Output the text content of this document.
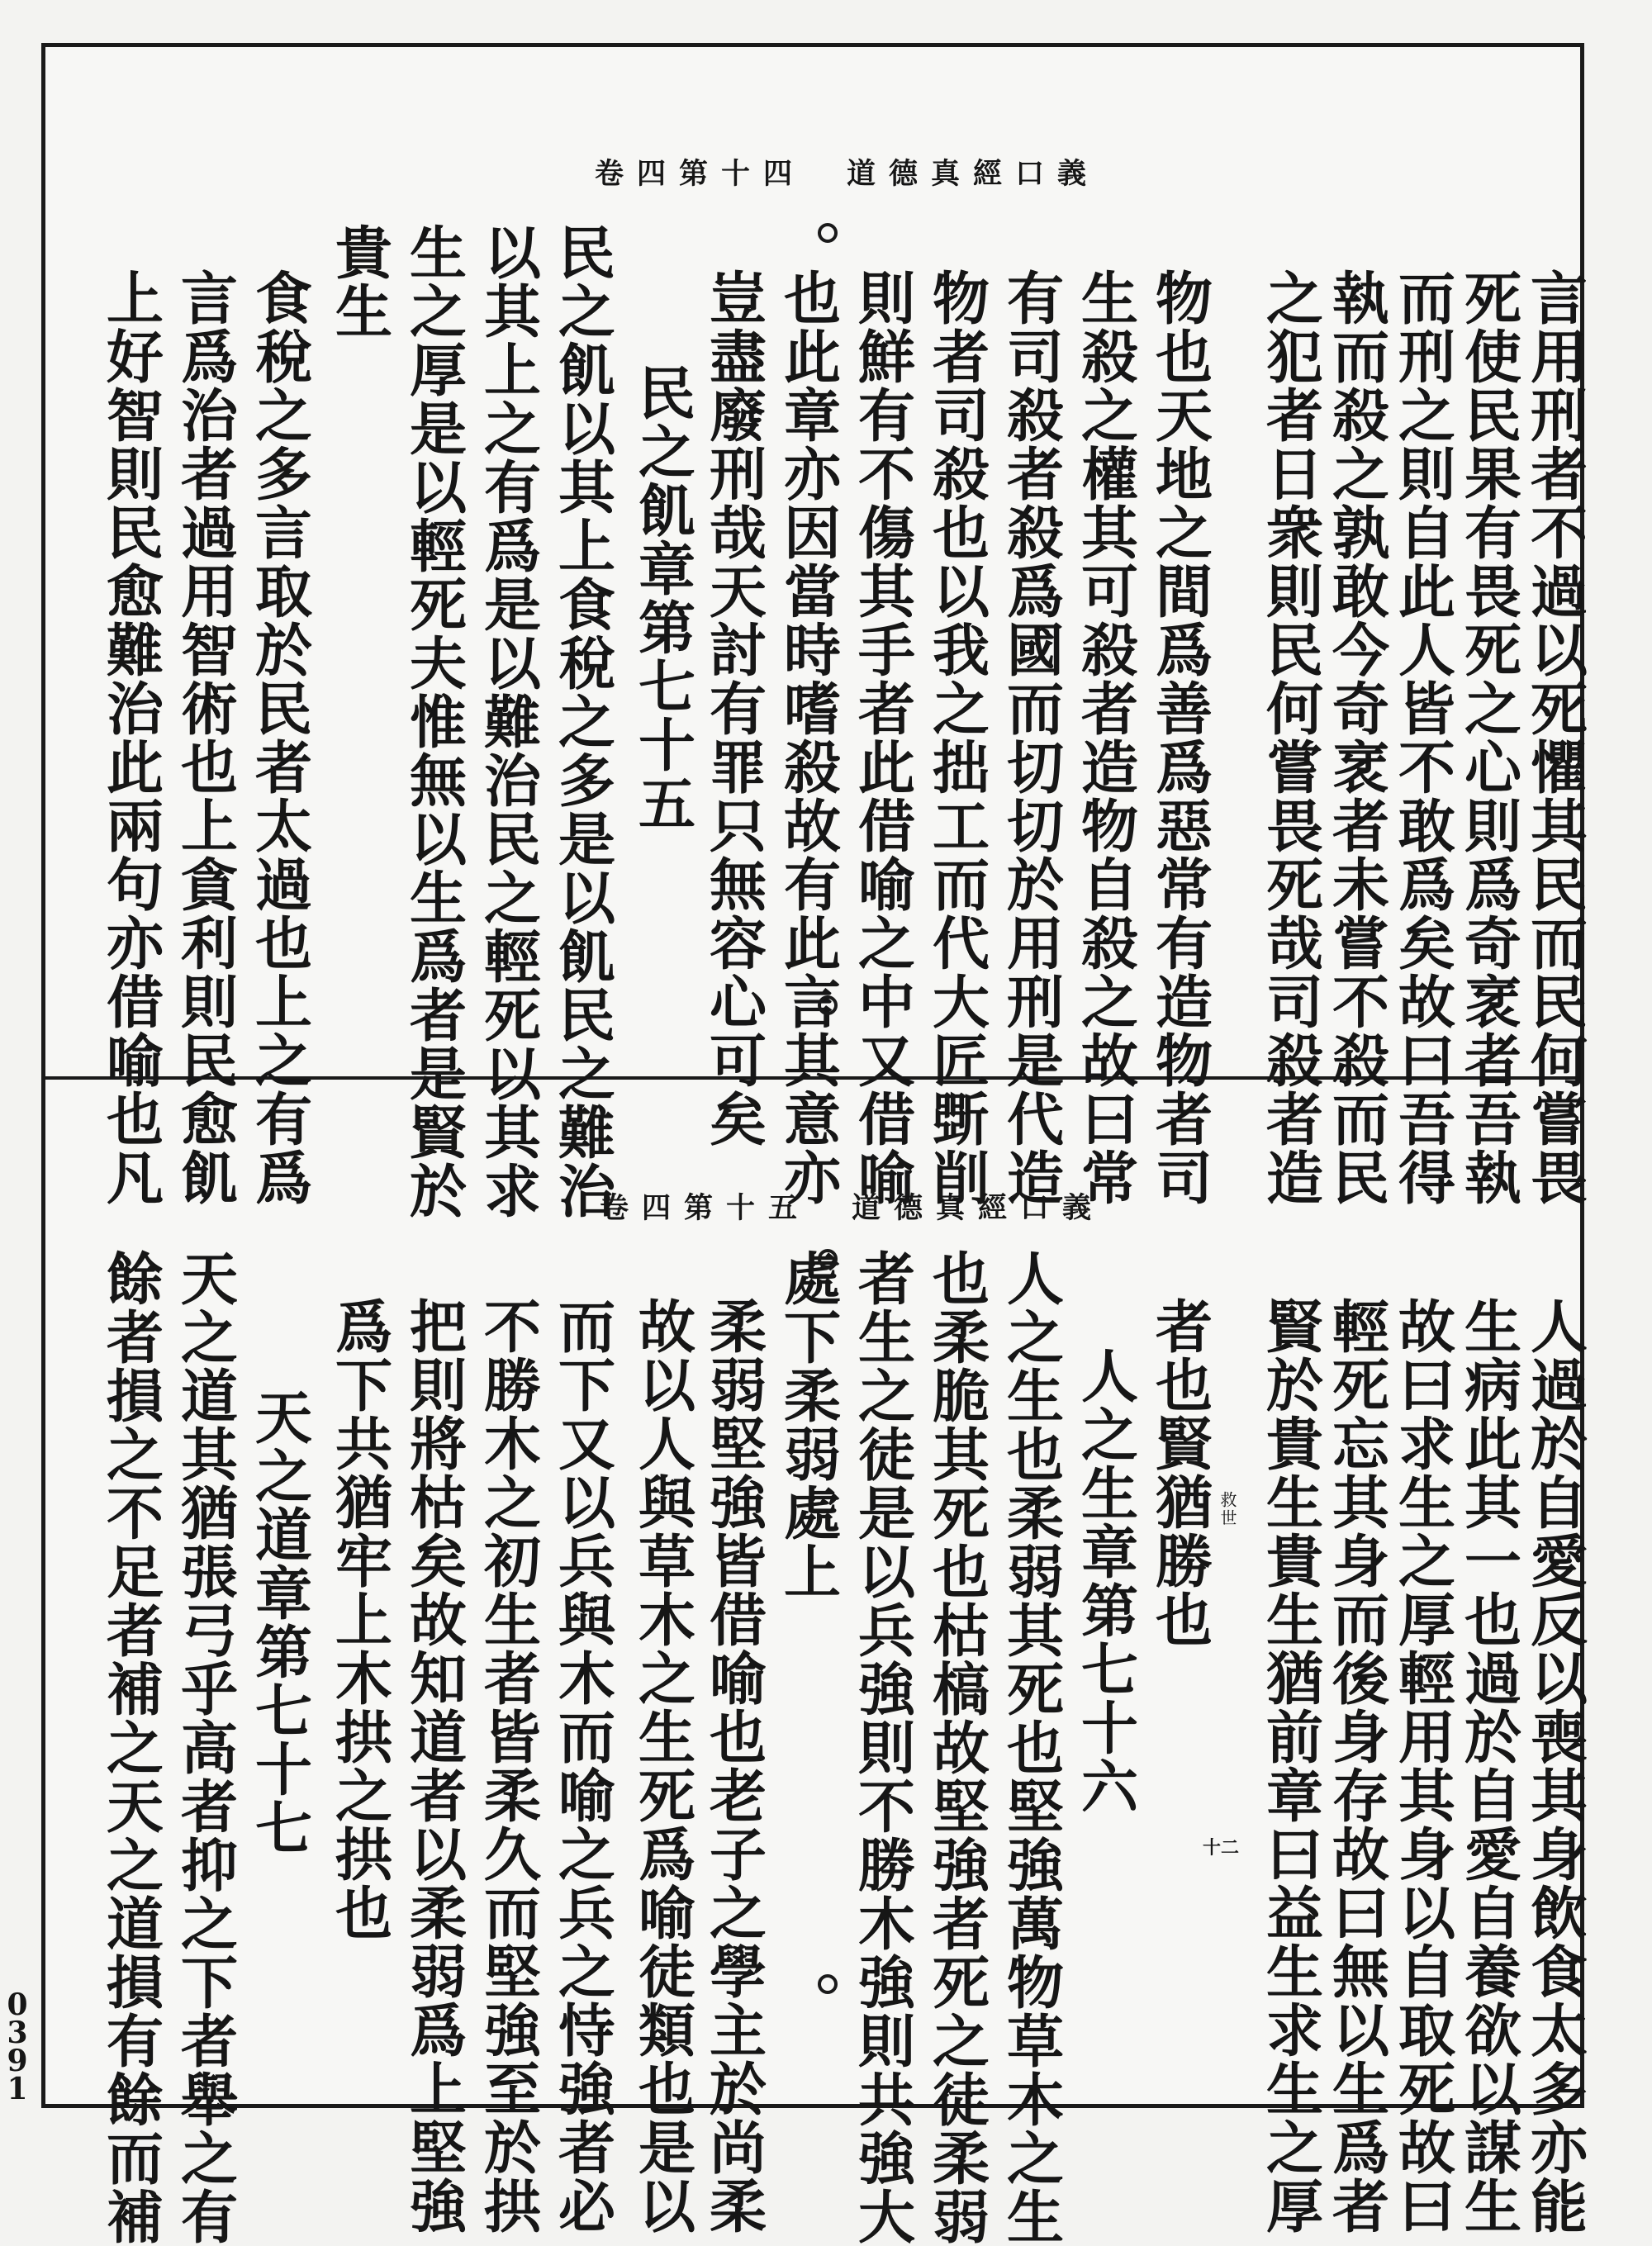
卷四第十四 道德真經口義

言用刑者不過以死懼其民而民何嘗畏

死使民果有畏死之心則爲奇衺者吾執

而刑之則自此人皆不敢爲矣故曰吾得

執而殺之孰敢今奇衺者未嘗不殺而民

之犯者日衆則民何嘗畏死哉司殺者造

物也天地之間爲善爲惡常有造物者司

生殺之權其可殺者造物自殺之故曰常

有司殺者殺爲國而切切於用刑是代造

物者司殺也以我之拙工而代大匠斲削

則鮮有不傷其手者此借喻之中又借喻

也此章亦因當時嗜殺故有此言其意亦

豈盡廢刑哉天討有罪只無容心可矣

民之飢章第七十五

民之飢以其上食稅之多是以飢民之難治

以其上之有爲是以難治民之輕死以其求

生之厚是以輕死夫惟無以生爲者是賢於

貴生

食稅之多言取於民者太過也上之有爲

言爲治者過用智術也上貪利則民愈飢

上好智則民愈難治此兩句亦借喻也凡

卷四第十五 道德真經口義

人過於自愛反以喪其身飲食太多亦能

生病此其一也過於自愛自養欲以謀生

故曰求生之厚輕用其身以自取死故曰

輕死忘其身而後身存故曰無以生爲者

賢於貴生貴生猶前章曰益生求生之厚

者也賢猶勝也

人之生章第七十六

人之生也柔弱其死也堅強萬物草木之生

也柔脆其死也枯槁故堅強者死之徒柔弱

者生之徒是以兵強則不勝木強則共強大

處下柔弱處上

柔弱堅強皆借喻也老子之學主於尚柔

故以人與草木之生死爲喻徒類也是以

而下又以兵與木而喻之兵之恃強者必

不勝木之初生者皆柔久而堅強至於拱

把則將枯矣故知道者以柔弱爲上堅強

爲下共猶牢上木拱之拱也

天之道章第七十七

天之道其猶張弓乎高者抑之下者舉之有

餘者損之不足者補之天之道損有餘而補	救世
十二
0391
